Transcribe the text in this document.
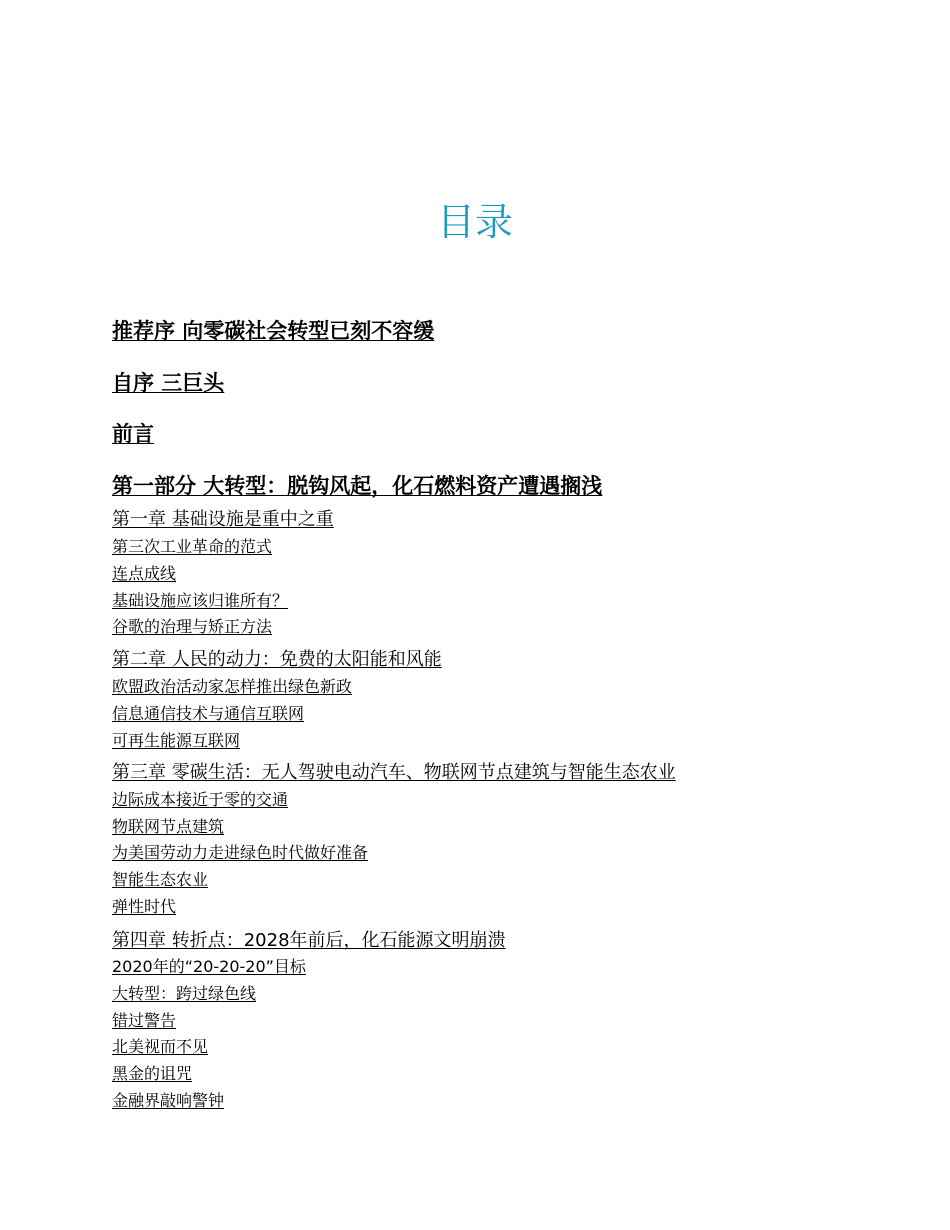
目录
推荐序 向零碳社会转型已刻不容缓
自序 三巨头
前言
第一部分 大转型：脱钩风起，化石燃料资产遭遇搁浅
第一章 基础设施是重中之重
第三次工业革命的范式
连点成线
基础设施应该归谁所有？
谷歌的治理与矫正方法
第二章 人民的动力：免费的太阳能和风能
欧盟政治活动家怎样推出绿色新政
信息通信技术与通信互联网
可再生能源互联网
第三章 零碳生活：无人驾驶电动汽车、物联网节点建筑与智能生态农业
边际成本接近于零的交通
物联网节点建筑
为美国劳动力走进绿色时代做好准备
智能生态农业
弹性时代
第四章 转折点：2028年前后，化石能源文明崩溃
2020年的“20-20-20”目标
大转型：跨过绿色线
错过警告
北美视而不见
黑金的诅咒
金融界敲响警钟
